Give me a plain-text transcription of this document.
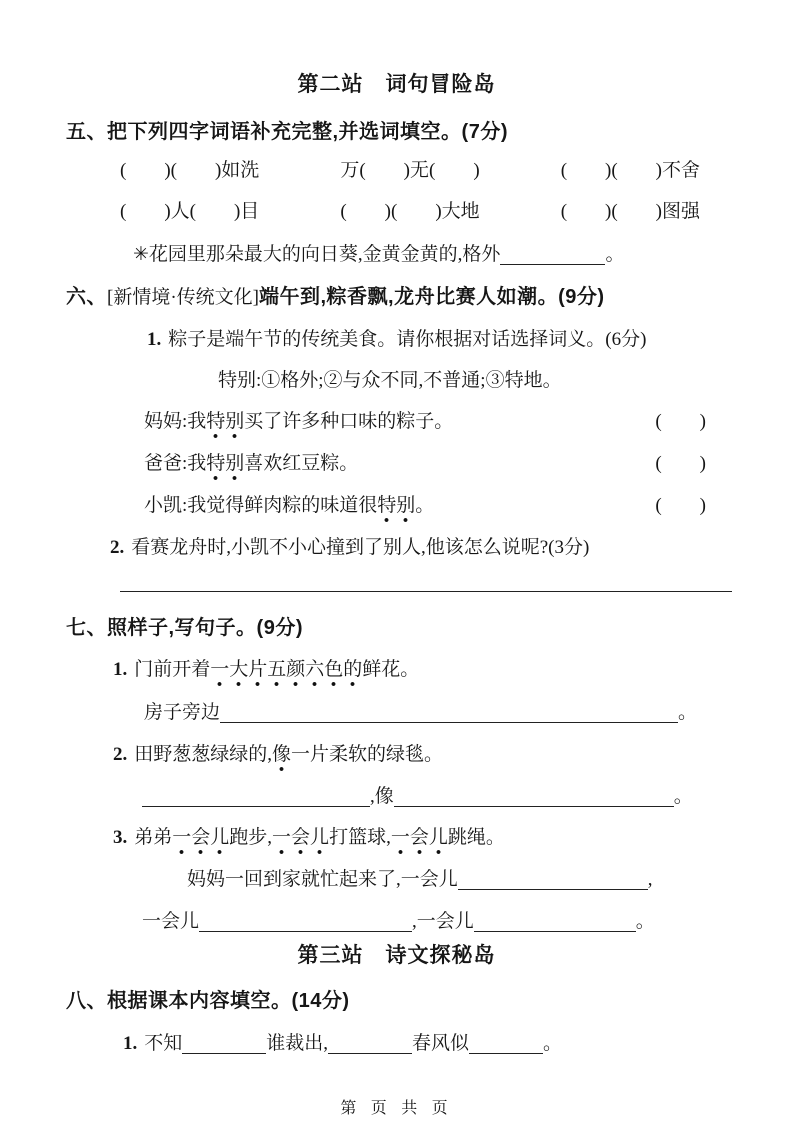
第二站　词句冒险岛
五、把下列四字词语补充完整,并选词填空。(7分)
(　　)(　　)如洗	万(　　)无(　　)	(　　)(　　)不舍
(　　)人(　　)目	(　　)(　　)大地	(　　)(　　)图强
✳花园里那朵最大的向日葵,金黄金黄的,格外	。
六、[新情境·传统文化]端午到,粽香飘,龙舟比赛人如潮。(9分)
1. 粽子是端午节的传统美食。请你根据对话选择词义。(6分)
特别:①格外;②与众不同,不普通;③特地。
妈妈:我特别买了许多种口味的粽子。	(　　)
爸爸:我特别喜欢红豆粽。	(　　)
小凯:我觉得鲜肉粽的味道很特别。	(　　)
2. 看赛龙舟时,小凯不小心撞到了别人,他该怎么说呢?(3分)
七、照样子,写句子。(9分)
1. 门前开着一大片五颜六色的鲜花。
房子旁边	。
2. 田野葱葱绿绿的,像一片柔软的绿毯。
,像	。
3. 弟弟一会儿跑步,一会儿打篮球,一会儿跳绳。
妈妈一回到家就忙起来了,一会儿	,
一会儿	,一会儿	。
第三站　诗文探秘岛
八、根据课本内容填空。(14分)
1. 不知	谁裁出,	春风似	。
第 页 共 页
